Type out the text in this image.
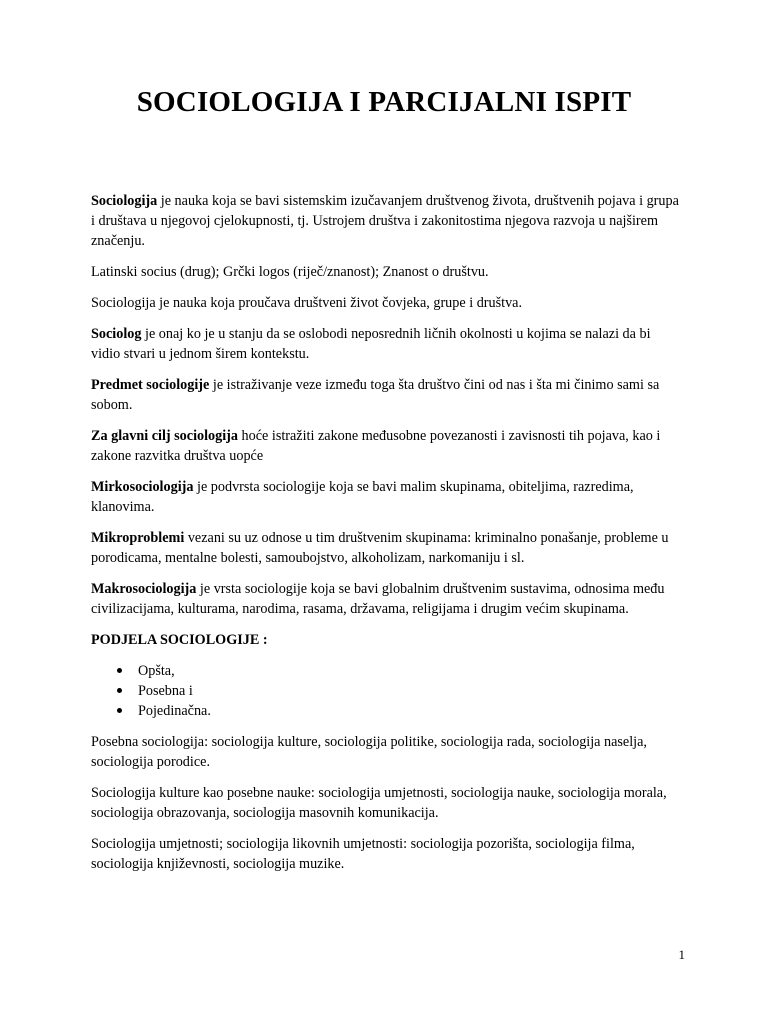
SOCIOLOGIJA I PARCIJALNI ISPIT

Sociologija je nauka koja se bavi sistemskim izučavanjem društvenog života, društvenih pojava i grupa i društava u njegovoj cjelokupnosti, tj. Ustrojem društva i zakonitostima njegova razvoja u najširem značenju.

Latinski socius (drug); Grčki logos (riječ/znanost); Znanost o društvu.

Sociologija je nauka koja proučava društveni život čovjeka, grupe i društva.

Sociolog je onaj ko je u stanju da se oslobodi neposrednih ličnih okolnosti u kojima se nalazi da bi vidio stvari u jednom širem kontekstu.

Predmet sociologije je istraživanje veze između toga šta društvo čini od nas i šta mi činimo sami sa sobom.

Za glavni cilj sociologija hoće istražiti zakone međusobne povezanosti i zavisnosti tih pojava, kao i zakone razvitka društva uopće

Mirkosociologija je podvrsta sociologije koja se bavi malim skupinama, obiteljima, razredima, klanovima.

Mikroproblemi vezani su uz odnose u tim društvenim skupinama: kriminalno ponašanje, probleme u porodicama, mentalne bolesti, samoubojstvo, alkoholizam, narkomaniju i sl.

Makrosociologija je vrsta sociologije koja se bavi globalnim društvenim sustavima, odnosima među civilizacijama, kulturama, narodima, rasama, državama, religijama i drugim većim skupinama.

PODJELA SOCIOLOGIJE :

Opšta,
Posebna i
Pojedinačna.

Posebna sociologija: sociologija kulture, sociologija politike, sociologija rada, sociologija naselja, sociologija porodice.

Sociologija kulture kao posebne nauke: sociologija umjetnosti, sociologija nauke, sociologija morala, sociologija obrazovanja, sociologija masovnih komunikacija.

Sociologija umjetnosti; sociologija likovnih umjetnosti: sociologija pozorišta, sociologija filma, sociologija književnosti, sociologija muzike.

1
